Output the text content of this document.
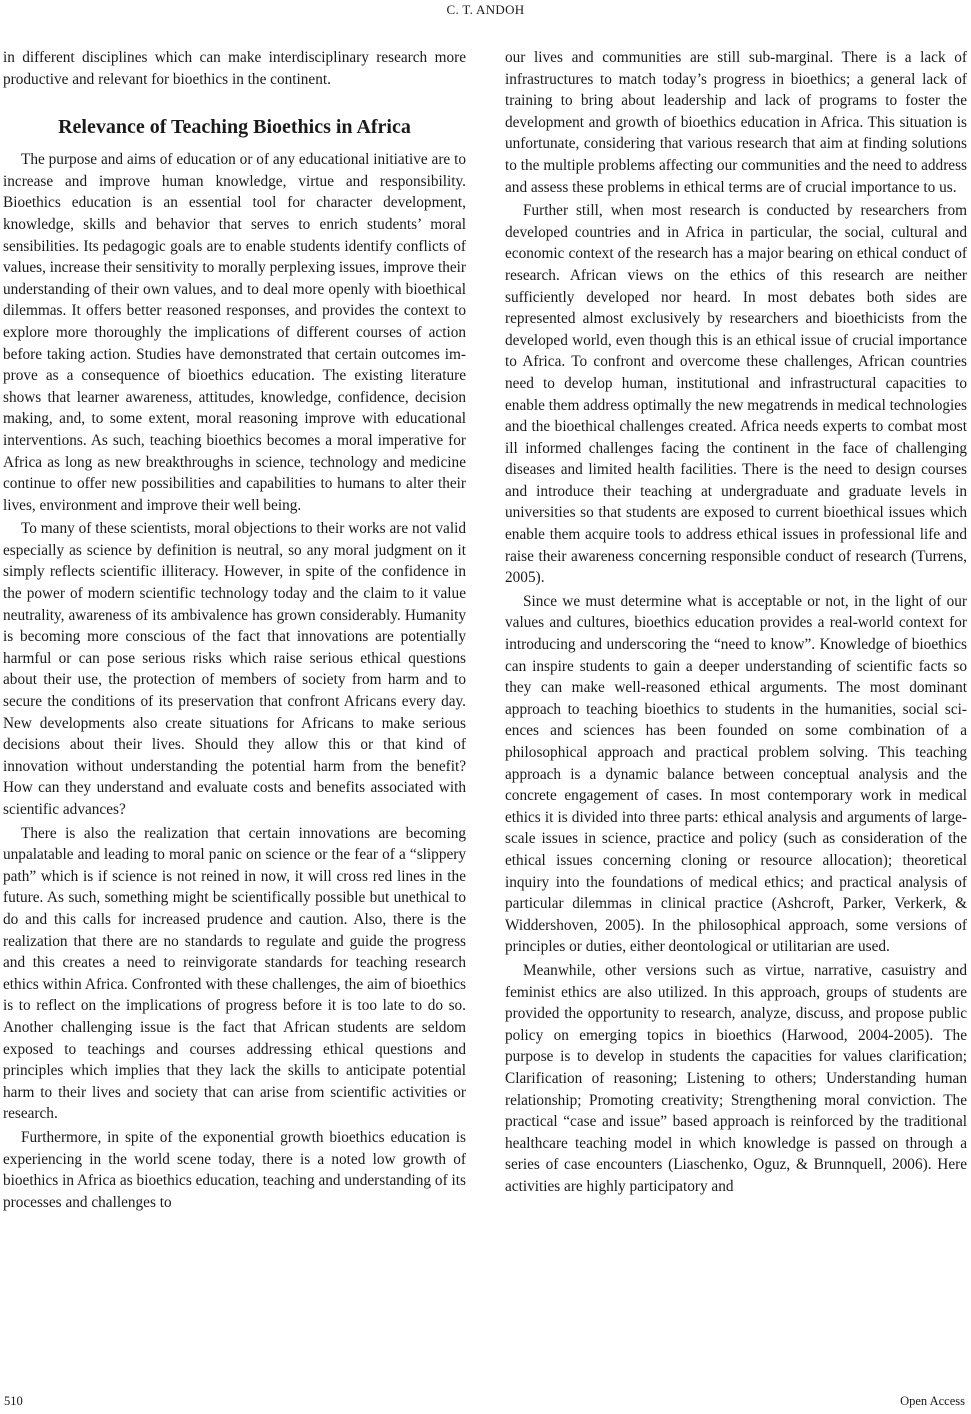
C. T. ANDOH

in different disciplines which can make interdisciplinary research more productive and relevant for bioethics in the continent.

Relevance of Teaching Bioethics in Africa

The purpose and aims of education or of any educational initiative are to increase and improve human knowledge, virtue and responsibility. Bioethics education is an essential tool for character development, knowledge, skills and behavior that serves to enrich students’ moral sensibilities. Its pedagogic goals are to enable students identify conflicts of values, increase their sensitivity to morally perplexing issues, improve their understanding of their own values, and to deal more openly with bioethical dilemmas. It offers better reasoned responses, and provides the context to explore more thoroughly the implications of different courses of action before taking action. Studies have demonstrated that certain outcomes improve as a consequence of bioethics education. The existing literature shows that learner awareness, attitudes, knowledge, confidence, decision making, and, to some extent, moral reasoning improve with educational interventions. As such, teaching bioethics becomes a moral imperative for Africa as long as new breakthroughs in science, technology and medicine continue to offer new possibilities and capabilities to humans to alter their lives, environment and improve their well being.

To many of these scientists, moral objections to their works are not valid especially as science by definition is neutral, so any moral judgment on it simply reflects scientific illiteracy. However, in spite of the confidence in the power of modern scientific technology today and the claim to it value neutrality, awareness of its ambivalence has grown considerably. Humanity is becoming more conscious of the fact that innovations are potentially harmful or can pose serious risks which raise serious ethical questions about their use, the protection of members of society from harm and to secure the conditions of its preservation that confront Africans every day. New developments also create situations for Africans to make serious decisions about their lives. Should they allow this or that kind of innovation without understanding the potential harm from the benefit? How can they understand and evaluate costs and benefits associated with scientific advances?

There is also the realization that certain innovations are becoming unpalatable and leading to moral panic on science or the fear of a “slippery path” which is if science is not reined in now, it will cross red lines in the future. As such, something might be scientifically possible but unethical to do and this calls for increased prudence and caution. Also, there is the realization that there are no standards to regulate and guide the progress and this creates a need to reinvigorate standards for teaching research ethics within Africa. Confronted with these challenges, the aim of bioethics is to reflect on the implications of progress before it is too late to do so. Another challenging issue is the fact that African students are seldom exposed to teachings and courses addressing ethical questions and principles which implies that they lack the skills to anticipate potential harm to their lives and society that can arise from scientific activities or research.

Furthermore, in spite of the exponential growth bioethics education is experiencing in the world scene today, there is a noted low growth of bioethics in Africa as bioethics education, teaching and understanding of its processes and challenges to

our lives and communities are still sub-marginal. There is a lack of infrastructures to match today’s progress in bioethics; a general lack of training to bring about leadership and lack of programs to foster the development and growth of bioethics education in Africa. This situation is unfortunate, considering that various research that aim at finding solutions to the multiple problems affecting our communities and the need to address and assess these problems in ethical terms are of crucial importance to us.

Further still, when most research is conducted by researchers from developed countries and in Africa in particular, the social, cultural and economic context of the research has a major bearing on ethical conduct of research. African views on the ethics of this research are neither sufficiently developed nor heard. In most debates both sides are represented almost exclusively by researchers and bioethicists from the developed world, even though this is an ethical issue of crucial importance to Africa. To confront and overcome these challenges, African countries need to develop human, institutional and infrastructural capacities to enable them address optimally the new megatrends in medical technologies and the bioethical challenges created. Africa needs experts to combat most ill informed challenges facing the continent in the face of challenging diseases and limited health facilities. There is the need to design courses and introduce their teaching at undergraduate and graduate levels in universities so that students are exposed to current bioethical issues which enable them acquire tools to address ethical issues in professional life and raise their awareness concerning responsible conduct of research (Turrens, 2005).

Since we must determine what is acceptable or not, in the light of our values and cultures, bioethics education provides a real-world context for introducing and underscoring the “need to know”. Knowledge of bioethics can inspire students to gain a deeper understanding of scientific facts so they can make well-reasoned ethical arguments. The most dominant approach to teaching bioethics to students in the humanities, social sciences and sciences has been founded on some combination of a philosophical approach and practical problem solving. This teaching approach is a dynamic balance between conceptual analysis and the concrete engagement of cases. In most contemporary work in medical ethics it is divided into three parts: ethical analysis and arguments of large-scale issues in science, practice and policy (such as consideration of the ethical issues concerning cloning or resource allocation); theoretical inquiry into the foundations of medical ethics; and practical analysis of particular dilemmas in clinical practice (Ashcroft, Parker, Verkerk, & Widdershoven, 2005). In the philosophical approach, some versions of principles or duties, either deontological or utilitarian are used.

Meanwhile, other versions such as virtue, narrative, casuistry and feminist ethics are also utilized. In this approach, groups of students are provided the opportunity to research, analyze, discuss, and propose public policy on emerging topics in bioethics (Harwood, 2004-2005). The purpose is to develop in students the capacities for values clarification; Clarification of reasoning; Listening to others; Understanding human relationship; Promoting creativity; Strengthening moral conviction. The practical “case and issue” based approach is reinforced by the traditional healthcare teaching model in which knowledge is passed on through a series of case encounters (Liaschenko, Oguz, & Brunnquell, 2006). Here activities are highly participatory and

510	Open Access
